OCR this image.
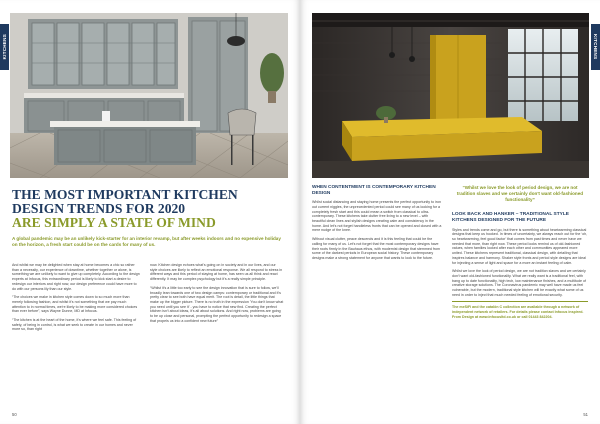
KITCHENS
THE MOST IMPORTANT KITCHEN
DESIGN TRENDS FOR 2020
ARE SIMPLY A STATE OF MIND
A global pandemic may be an unlikely kick-starter for an interior revamp, but after weeks indoors and no expensive holiday on the horizon, a fresh start could be on the cards for many of us.

And whilst we may be delighted when stay at home becomes a chic so rather than a necessity, our experience of downtime, whether together or alone, is something we are unlikely to want to give up completely. According to the design experts at Infocus, this extraordinary period is likely to kick start a desire to redesign our interiors and right now, our design preference could have more to do with our persons lily than our style.

“The choices we make in kitchen style comes down to so much more than merely following fashion, and whilst it's not something that we pay much attention to in normal times, we're likely to be making more considered choices than ever before”, says Wayne Dunne, MD at Infocus.

“The kitchen is at the heart of the home, it's where we feel safe. This feeling of safety, of being in control, is what we seek to create in our homes and never more so, than right

now. Kitchen design echoes what's going on in society and in our lives, and our style choices are likely to reflect an emotional response. We all respond to stress in different ways and this period of staying at home, has seen us all think and react differently. It may be complex psychology but it's a really simple principle.

“Whilst it's a little too early to see the design innovation that is sure to follow, we'll broadly lean towards one of two design camps: contemporary or traditional and it's pretty clear to see both have equal merit. The root is detail, the little things that make up the bigger picture. There is no truth in the expression 'You don't know what you need until you see it' - you have to notice that new find. Creating the perfect kitchen isn't about ideas, it's all about solutions. And right now, problems are going to be up close and personal, prompting the perfect opportunity to redesign a space that propels us into a confident new future”

50
KITCHENS
WHEN CONTENTMENT IS CONTEMPORARY KITCHEN DESIGN

Whilst social distancing and staying home presents the perfect opportunity to iron out current niggles, the unprecedented period could see many of us looking for a completely fresh start and this could mean a switch from classical to ultra-contemporary. These kitchens take clutter free living to a new level – with beautiful clean lines and stylish designs creating calm and consistency in the home. And let's not forget handleless fronts that can be opened and closed with a mere nudge of the knee.

Without visual clutter, peace descends and it is this feeling that could be the calling for many of us. Let's not forget that the most contemporary designs have their roots firmly in the Bauhaus ethos, with modernist design that stemmed from some of the darkest periods in European social history. These contemporary designs make a strong statement for anyone that wants to look to the future.

“Whilst we love the look of period design, we are not tradition slaves and we certainly don't want old-fashioned functionality”
LOOK BACK AND HANKER – TRADITIONAL STYLE KITCHENS DESIGNED FOR THE FUTURE

Styles and trends come and go, but there is something about heartwarming classical designs that keep us hooked. In times of uncertainty, we always reach out for the ‘oh, so heartwarming, feel good factor’ that comes from past times and never have we needed that more, than right now. These period looks remind us of old-fashioned values, when families looked after each other and communities appeared more united. These kitchens represent traditional, classical design, with detailing that inspires balance and harmony. Shaker style fronts and period style designs are ideal for injecting a sense of light and space for a more an instant feeling of calm.

Whilst we love the look of period design, we are not tradition slaves and we certainly don't want old-fashioned functionality. What we really want is a traditional feel, with bang up to date functionality, high tech, low maintenance finishes, and a multitude of creative storage solutions. The Coronavirus pandemic may well have made us feel vulnerable, but the modern, traditional style kitchen will be exactly what some of us need in order to inject that much needed feeling of emotional security.

The meSiFi and the catalōn C collection are available through a network of independent network of retailers. For details please contact Infocus inspired. From Design at www.infocusltd.co.uk or call 01443 842204.
51
